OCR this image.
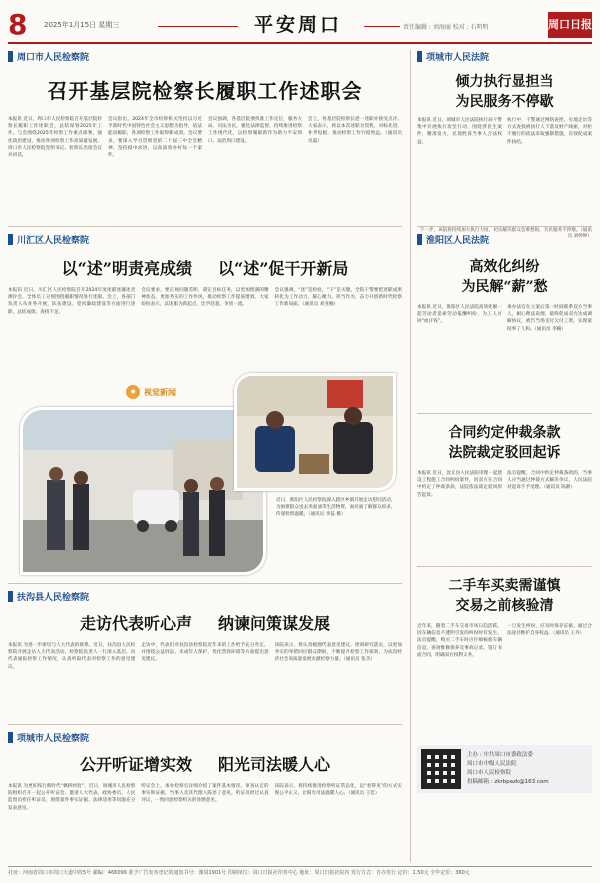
8	2025年1月15日 星期三	平安周口	责任编辑 : 刘海丽 校对 : 石明明	周口日报
周口市人民检察院
召开基层院检察长履职工作述职会

本报讯 近日，周口市人民检察院召开基层院检察长履职工作述职会，总结谋划2025年工作。与会围绕2025年检察工作重点部署，强化政治建设，推动各项检察工作高质量发展。周口市人民检察院党组书记、检察长出席会议并讲话。

会议指出，2024年全市检察机关坚持以习近平新时代中国特色社会主义思想为指导，依法能动履职，各项检察工作取得新成效。会议要求，要深入学习贯彻党的二十届三中全会精神，坚持稳中求进，以高质效办好每一个案件。

会议强调，各基层院要找准工作定位，服务大局、司法为民，强化法律监督，持续推进检察工作现代化，以检察履职新作为助力平安周口、法治周口建设。

会上，各基层院检察长逐一述职并接受点评。大家表示，将以本次述职为契机，对标先进、补齐短板，推动检察工作行稳致远。（通讯员 史磊）

川汇区人民检察院
以“述”明责亮成绩 以“述”促干开新局

本报讯 近日，川汇区人民检察院召开2024年度述职述廉述责测评会，全体员工分别围绕履职情况进行述职。会上，各部门负责人从业务开展、队伍建设、党风廉政建设等方面进行述职，总结成绩，查找不足。

会议要求，要正视问题差距，锚定目标任务，以更加饱满的精神状态、更加务实的工作作风，推动检察工作提质增效。大家纷纷表示，以述职为新起点，比学赶超，争创一流。

会议强调，“述”是检验，“干”是关键。全院干警要把述职成果转化为工作动力，凝心聚力、担当作为，奋力开创新时代检察工作新局面。（通讯员 刘亚楠）

◉	视觉新闻

近日，淮阳区人民检察院深入辖区乡镇开展走访慰问活动，为困难群众送去米面油等生活物资，面对面了解群众诉求，传递检察温暖。（通讯员 李蕊 摄）

扶沟县人民检察院
走访代表听心声 纳谏问策谋发展

本报讯 为进一步密切与人大代表的联系，近日，扶沟县人民检察院开展走访人大代表活动。检察院负责人一行深入基层，向代表通报检察工作情况，认真听取代表对检察工作的意见建议。

走访中，代表们对扶沟县检察院近年来的工作给予充分肯定，并围绕公益诉讼、未成年人保护、优化营商环境等方面提出意见建议。

该院表示，将认真梳理代表意见建议，逐项研究落实，以更加务实的举措回应群众期盼，不断提升检察工作质效，为扶沟经济社会高质量发展贡献检察力量。（通讯员 张杰）

项城市人民检察院
公开听证增实效 阳光司法暖人心

本报讯 为更好践行新时代“枫桥经验”，近日，项城市人民检察院组织召开一起公开听证会，邀请人大代表、政协委员、人民监督员担任听证员，围绕案件事实证据、法律适用等问题充分发表意见。

听证会上，承办检察官详细介绍了案件基本情况、审查认定的事实和证据，当事人及其代理人陈述了意见。听证员经过认真评议，一致同意检察机关的处理意见。

该院表示，将持续推进检察听证常态化，以“看得见”的方式实现公平正义，让阳光司法温暖人心。（通讯员 王佳）

项城市人民法院
倾力执行显担当
为民服务不停歇

本报讯 近日，项城市人民法院执行局干警集中开展执行攻坚行动，围绕涉民生案件，精准发力，兑现胜诉当事人合法权益。

执行中，干警通过网络查控、实地走访等方式查找被执行人下落及财产线索，对拒不履行的依法采取强制措施，有效促成案件执结。

下一步，该院将持续加大执行力度，切实解决群众急难愁盼，为民服务不停歇。（通讯员 刘婷婷）

淮阳区人民法院
高效化纠纷
为民解“薪”愁

本报讯 近日，淮阳区人民法院高效化解一起劳动者追索劳动报酬纠纷，为工人讨回“血汗钱”。

承办法官在立案后第一时间联系双方当事人，耐心释法说理，最终促成双方达成调解协议，被告当场支付欠付工资，实现案结事了人和。（通讯员 李楠）

合同约定仲裁条款
法院裁定驳回起诉

本报讯 近日，沈丘县人民法院审理一起建设工程施工合同纠纷案件，因双方在合同中约定了仲裁条款，法院依法裁定驳回原告起诉。

法官提醒，合同中约定仲裁条款的，当事人应当通过仲裁方式解决争议，人民法院对起诉不予受理。（通讯员 陈静）

二手车买卖需谨慎
交易之前核验清

近年来，随着二手车交易市场日趋活跃，因车辆信息不透明引发的纠纷时有发生。法官提醒，购买二手车时应仔细核验车辆信息，查询维修保养及事故记录，签订书面合同，明确双方权利义务。

一旦发生纠纷，应及时保存证据，通过合法途径维护自身权益。（通讯员 王丹）

主办 : 中共周口市委政法委
周口市中级人民法院
周口市人民检察院
投稿邮箱 : zkrbpazk@163.com
社址：河南省周口市周口大道中段5号 邮编：466099 准予广告发布登记的通知书号：豫周1901号 印刷单位：周口日报社印务中心 地址：周口日报社院内 发行方式：自办发行 定价：1.50元 全年定价：360元
